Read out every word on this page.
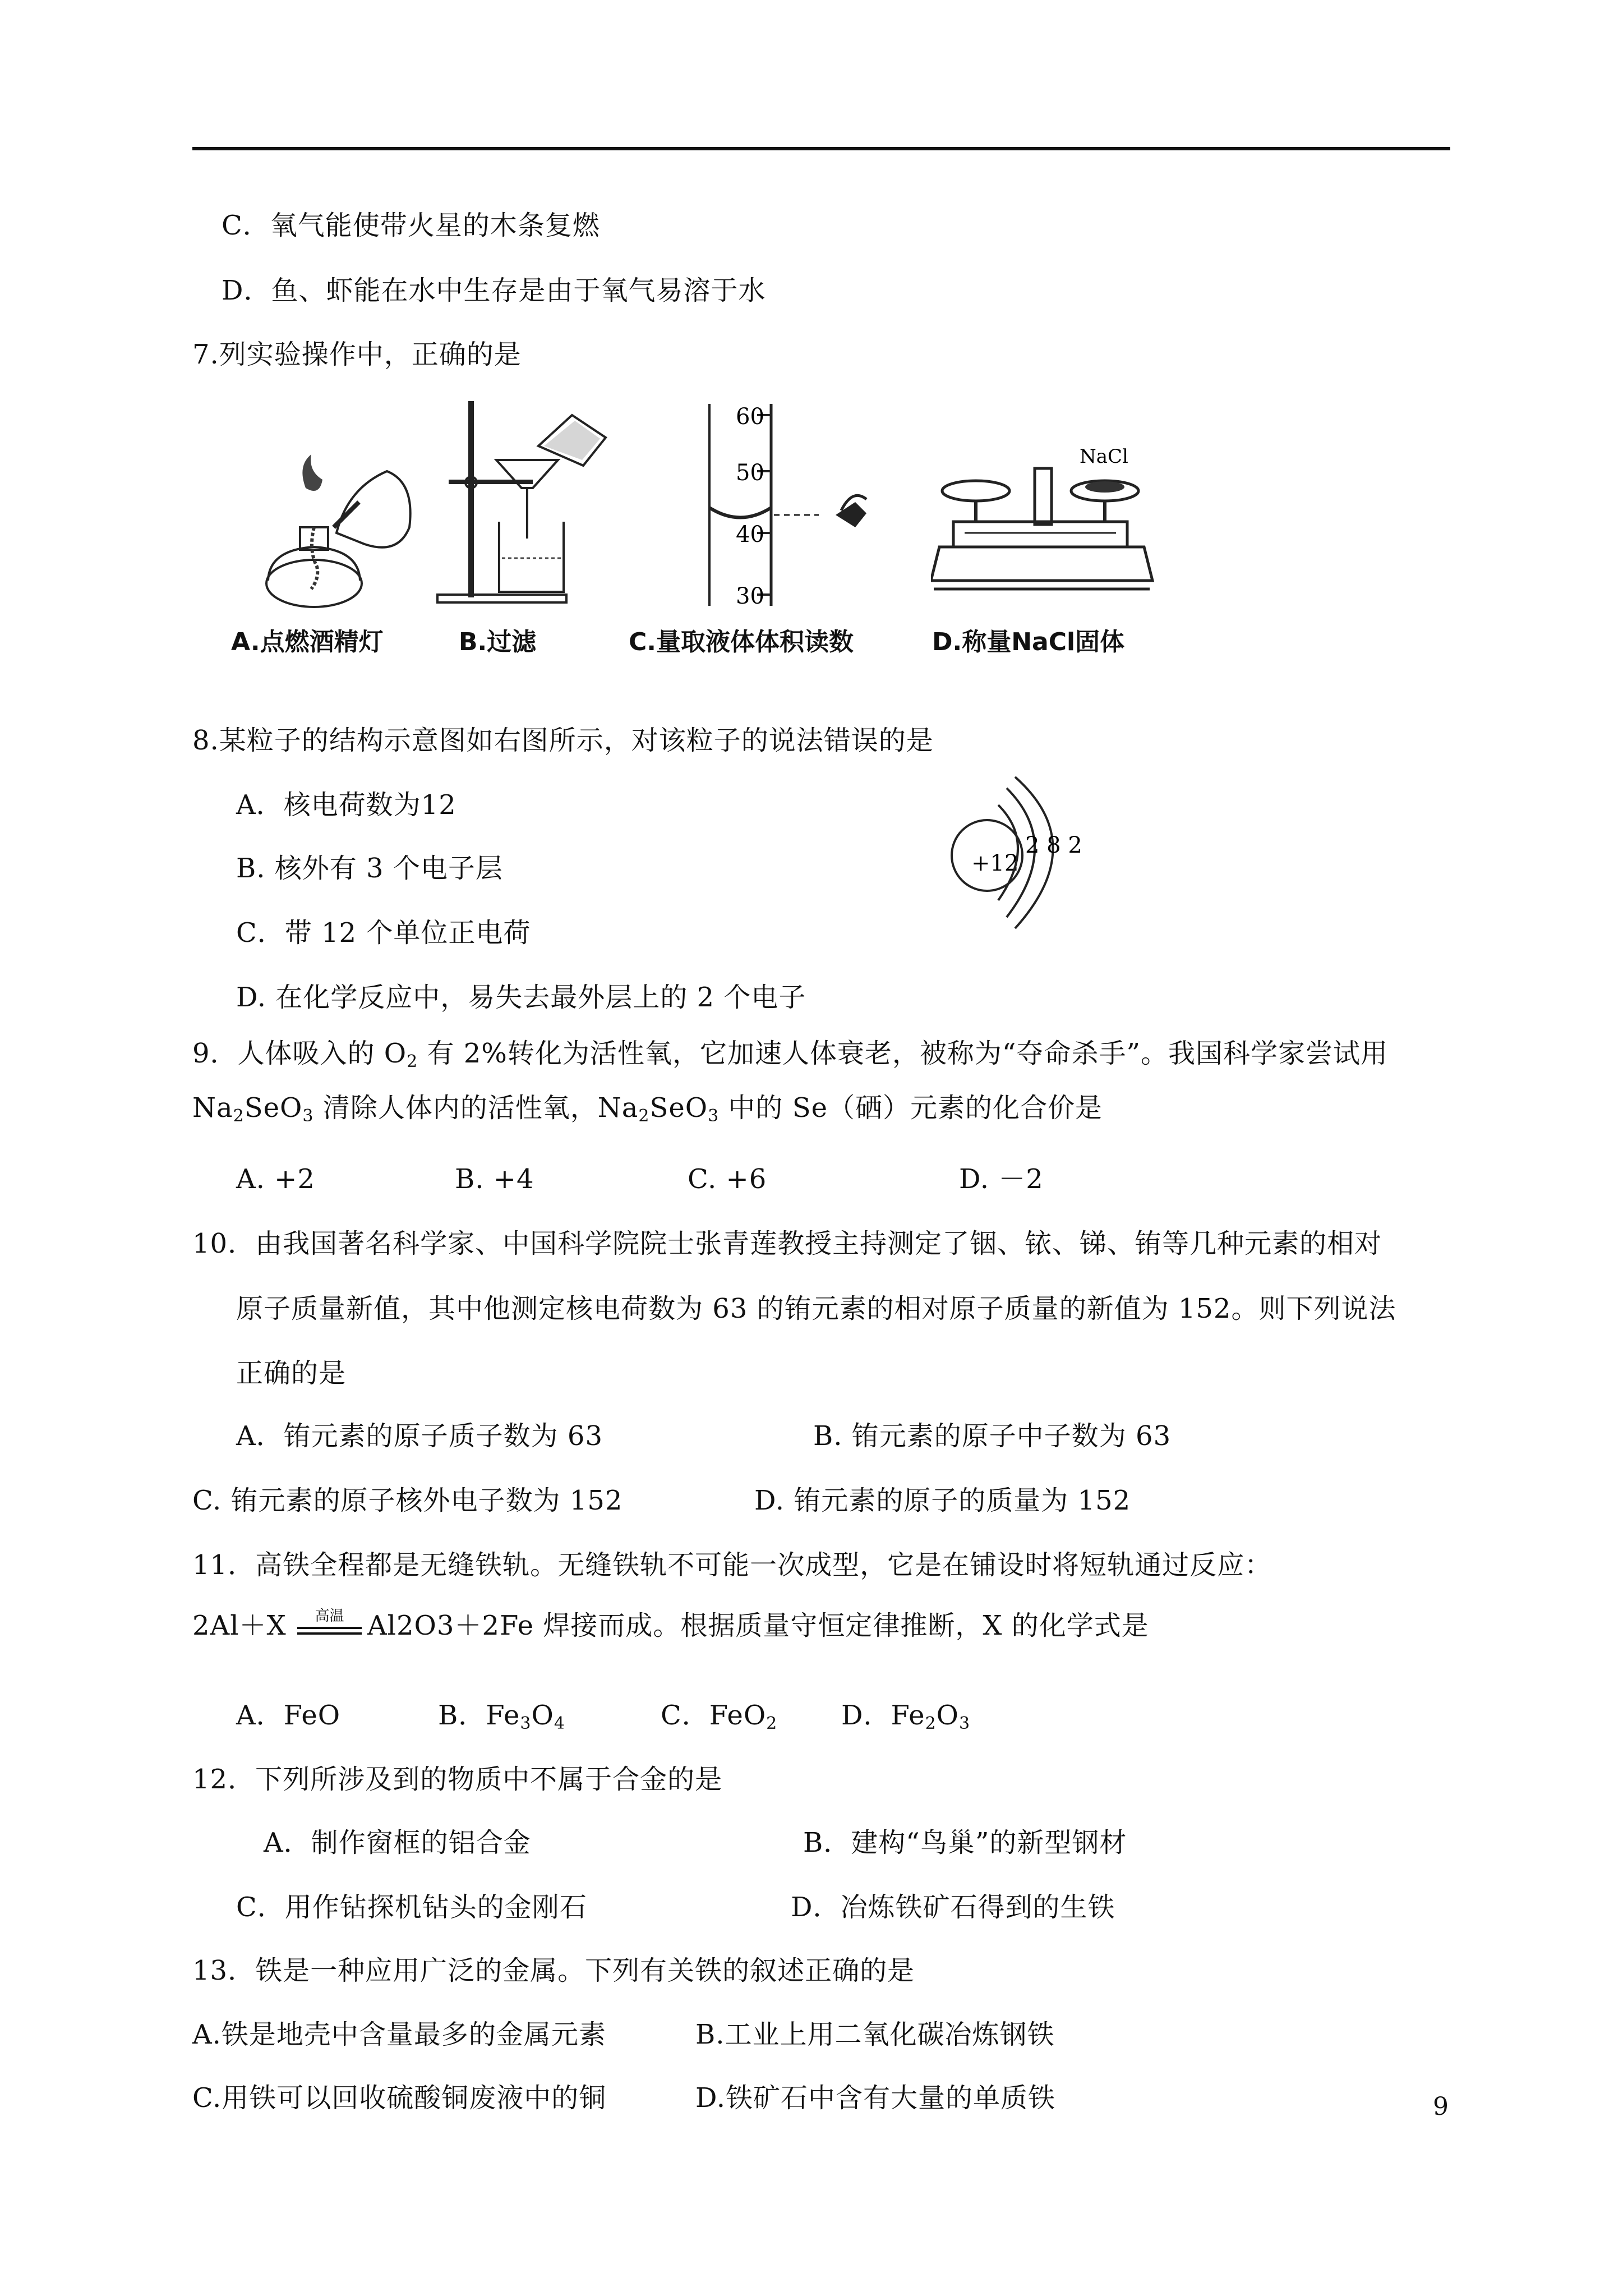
C．氧气能使带火星的木条复燃
D．鱼、虾能在水中生存是由于氧气易溶于水
7.列实验操作中，正确的是
60
50
40
30
NaCl
A.点燃酒精灯	B.过滤	C.量取液体体积读数	D.称量NaCl固体
8.某粒子的结构示意图如右图所示，对该粒子的说法错误的是
A．核电荷数为12
B. 核外有 3 个电子层
C．带 12 个单位正电荷
D. 在化学反应中，易失去最外层上的 2 个电子
+12
2 8 2
9．人体吸入的 $O_2$ 有 2%转化为活性氧，它加速人体衰老，被称为“夺命杀手”。我国科学家尝试用
$Na_2SeO_3$ 清除人体内的活性氧，$Na_2SeO_3$ 中的 Se（硒）元素的化合价是
A. +2	B. +4	C. +6	D. －2
10．由我国著名科学家、中国科学院院士张青莲教授主持测定了铟、铱、锑、铕等几种元素的相对
原子质量新值，其中他测定核电荷数为 63 的铕元素的相对原子质量的新值为 152。则下列说法
正确的是
A．铕元素的原子质子数为 63	B. 铕元素的原子中子数为 63
C. 铕元素的原子核外电子数为 152	D. 铕元素的原子的质量为 152
11．高铁全程都是无缝铁轨。无缝铁轨不可能一次成型，它是在铺设时将短轨通过反应：
2Al＋X	高温 Al2O3＋2Fe 焊接而成。根据质量守恒定律推断，X 的化学式是
A．FeO	B．$Fe_3O_4$	C．FeO$_2$ D．$Fe_2O_3$
12．下列所涉及到的物质中不属于合金的是
A．制作窗框的铝合金	B．建构“鸟巢”的新型钢材
C．用作钻探机钻头的金刚石	D．冶炼铁矿石得到的生铁
13．铁是一种应用广泛的金属。下列有关铁的叙述正确的是
A.铁是地壳中含量最多的金属元素	B.工业上用二氧化碳冶炼钢铁
C.用铁可以回收硫酸铜废液中的铜	D.铁矿石中含有大量的单质铁	9
